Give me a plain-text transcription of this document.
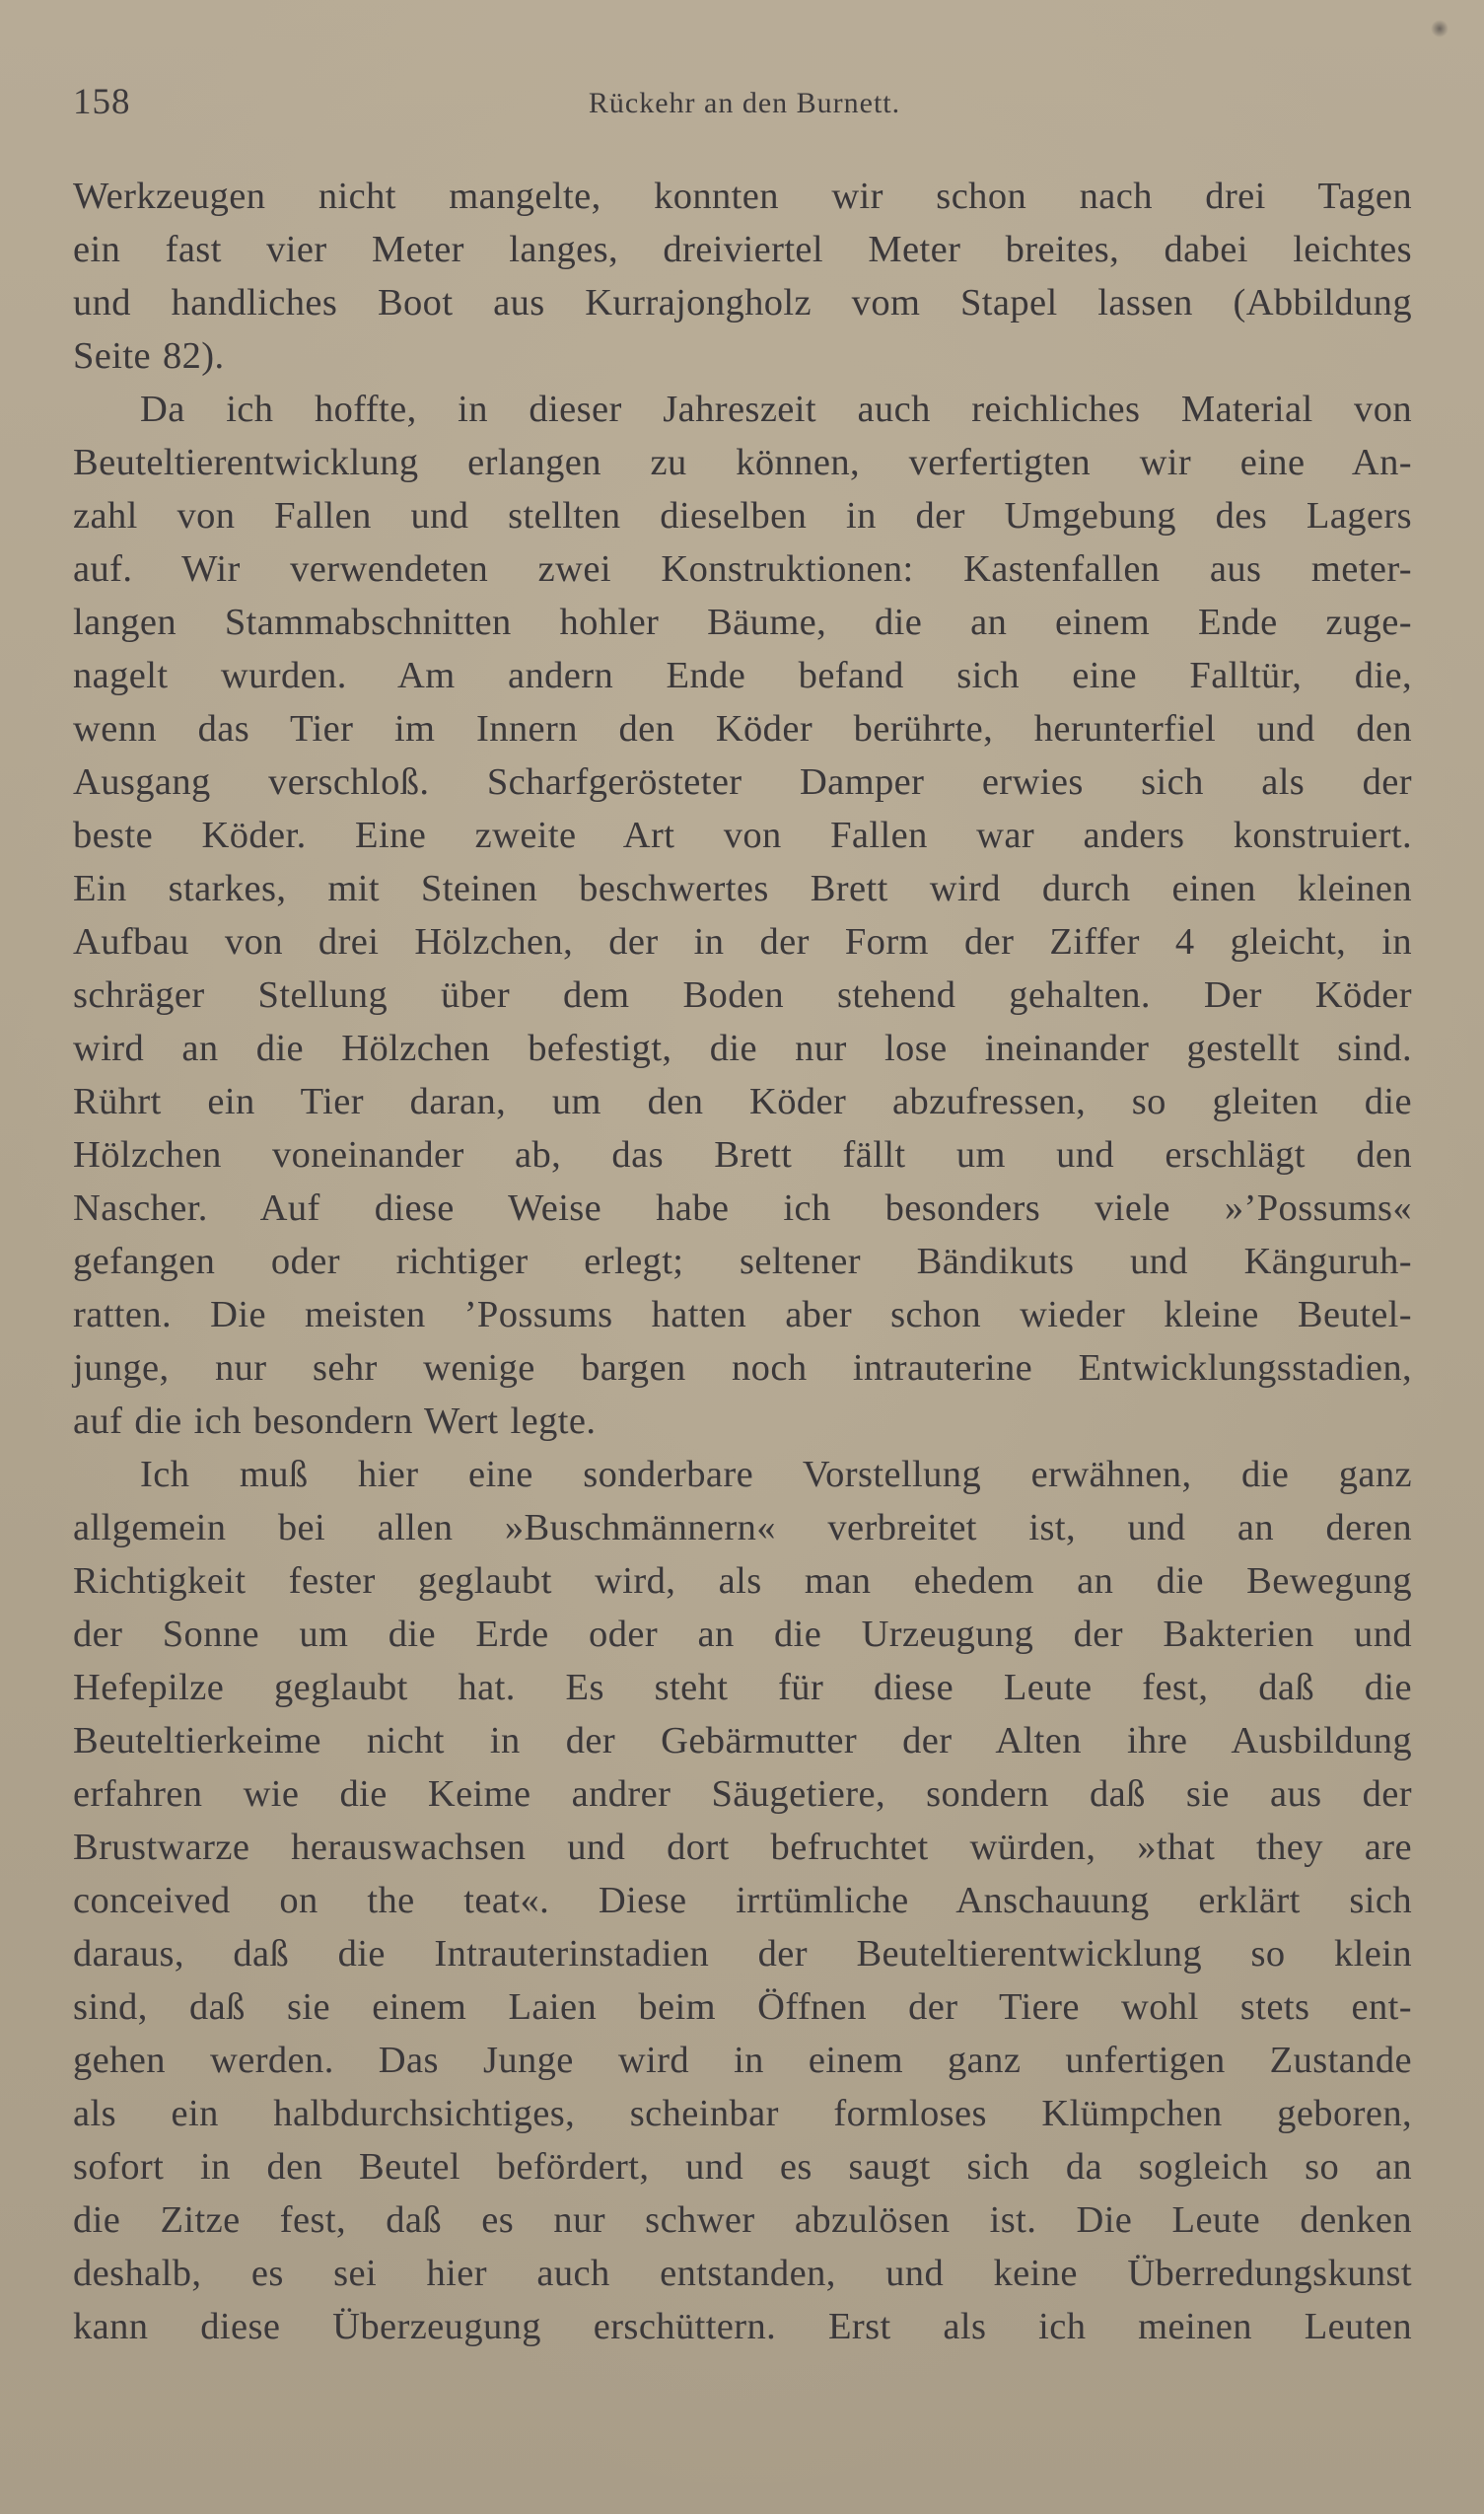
158	Rückehr an den Burnett.

Werkzeugen nicht mangelte, konnten wir schon nach drei Tagen
ein fast vier Meter langes, dreiviertel Meter breites, dabei leichtes
und handliches Boot aus Kurrajongholz vom Stapel lassen (Abbildung
Seite 82).

Da ich hoffte, in dieser Jahreszeit auch reichliches Material von
Beuteltierentwicklung erlangen zu können, verfertigten wir eine An-
zahl von Fallen und stellten dieselben in der Umgebung des Lagers
auf. Wir verwendeten zwei Konstruktionen: Kastenfallen aus meter-
langen Stammabschnitten hohler Bäume, die an einem Ende zuge-
nagelt wurden. Am andern Ende befand sich eine Falltür, die,
wenn das Tier im Innern den Köder berührte, herunterfiel und den
Ausgang verschloß. Scharfgerösteter Damper erwies sich als der
beste Köder. Eine zweite Art von Fallen war anders konstruiert.
Ein starkes, mit Steinen beschwertes Brett wird durch einen kleinen
Aufbau von drei Hölzchen, der in der Form der Ziffer 4 gleicht, in
schräger Stellung über dem Boden stehend gehalten. Der Köder
wird an die Hölzchen befestigt, die nur lose ineinander gestellt sind.
Rührt ein Tier daran, um den Köder abzufressen, so gleiten die
Hölzchen voneinander ab, das Brett fällt um und erschlägt den
Nascher. Auf diese Weise habe ich besonders viele »’Possums«
gefangen oder richtiger erlegt; seltener Bändikuts und Känguruh-
ratten. Die meisten ’Possums hatten aber schon wieder kleine Beutel-
junge, nur sehr wenige bargen noch intrauterine Entwicklungsstadien,
auf die ich besondern Wert legte.

Ich muß hier eine sonderbare Vorstellung erwähnen, die ganz
allgemein bei allen »Buschmännern« verbreitet ist, und an deren
Richtigkeit fester geglaubt wird, als man ehedem an die Bewegung
der Sonne um die Erde oder an die Urzeugung der Bakterien und
Hefepilze geglaubt hat. Es steht für diese Leute fest, daß die
Beuteltierkeime nicht in der Gebärmutter der Alten ihre Ausbildung
erfahren wie die Keime andrer Säugetiere, sondern daß sie aus der
Brustwarze herauswachsen und dort befruchtet würden, »that they are
conceived on the teat«. Diese irrtümliche Anschauung erklärt sich
daraus, daß die Intrauterinstadien der Beuteltierentwicklung so klein
sind, daß sie einem Laien beim Öffnen der Tiere wohl stets ent-
gehen werden. Das Junge wird in einem ganz unfertigen Zustande
als ein halbdurchsichtiges, scheinbar formloses Klümpchen geboren,
sofort in den Beutel befördert, und es saugt sich da sogleich so an
die Zitze fest, daß es nur schwer abzulösen ist. Die Leute denken
deshalb, es sei hier auch entstanden, und keine Überredungskunst
kann diese Überzeugung erschüttern. Erst als ich meinen Leuten
